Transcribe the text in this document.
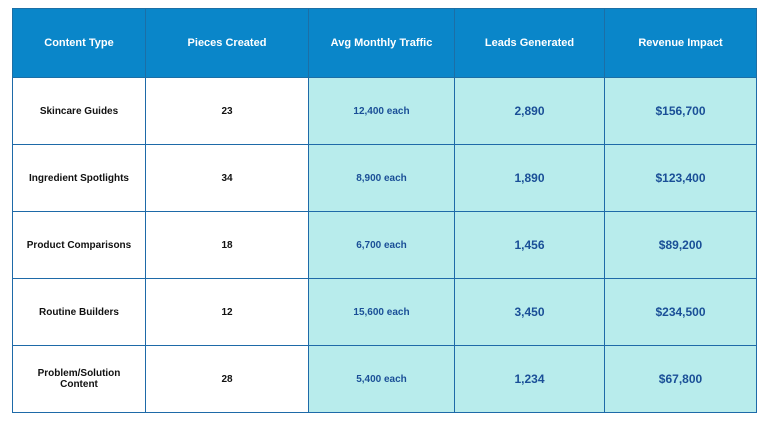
Content Type	Pieces Created	Avg Monthly Traffic	Leads Generated	Revenue Impact
Skincare Guides	23	12,400 each	2,890	$156,700
Ingredient Spotlights	34	8,900 each	1,890	$123,400
Product Comparisons	18	6,700 each	1,456	$89,200
Routine Builders	12	15,600 each	3,450	$234,500
Problem/Solution Content	28	5,400 each	1,234	$67,800
